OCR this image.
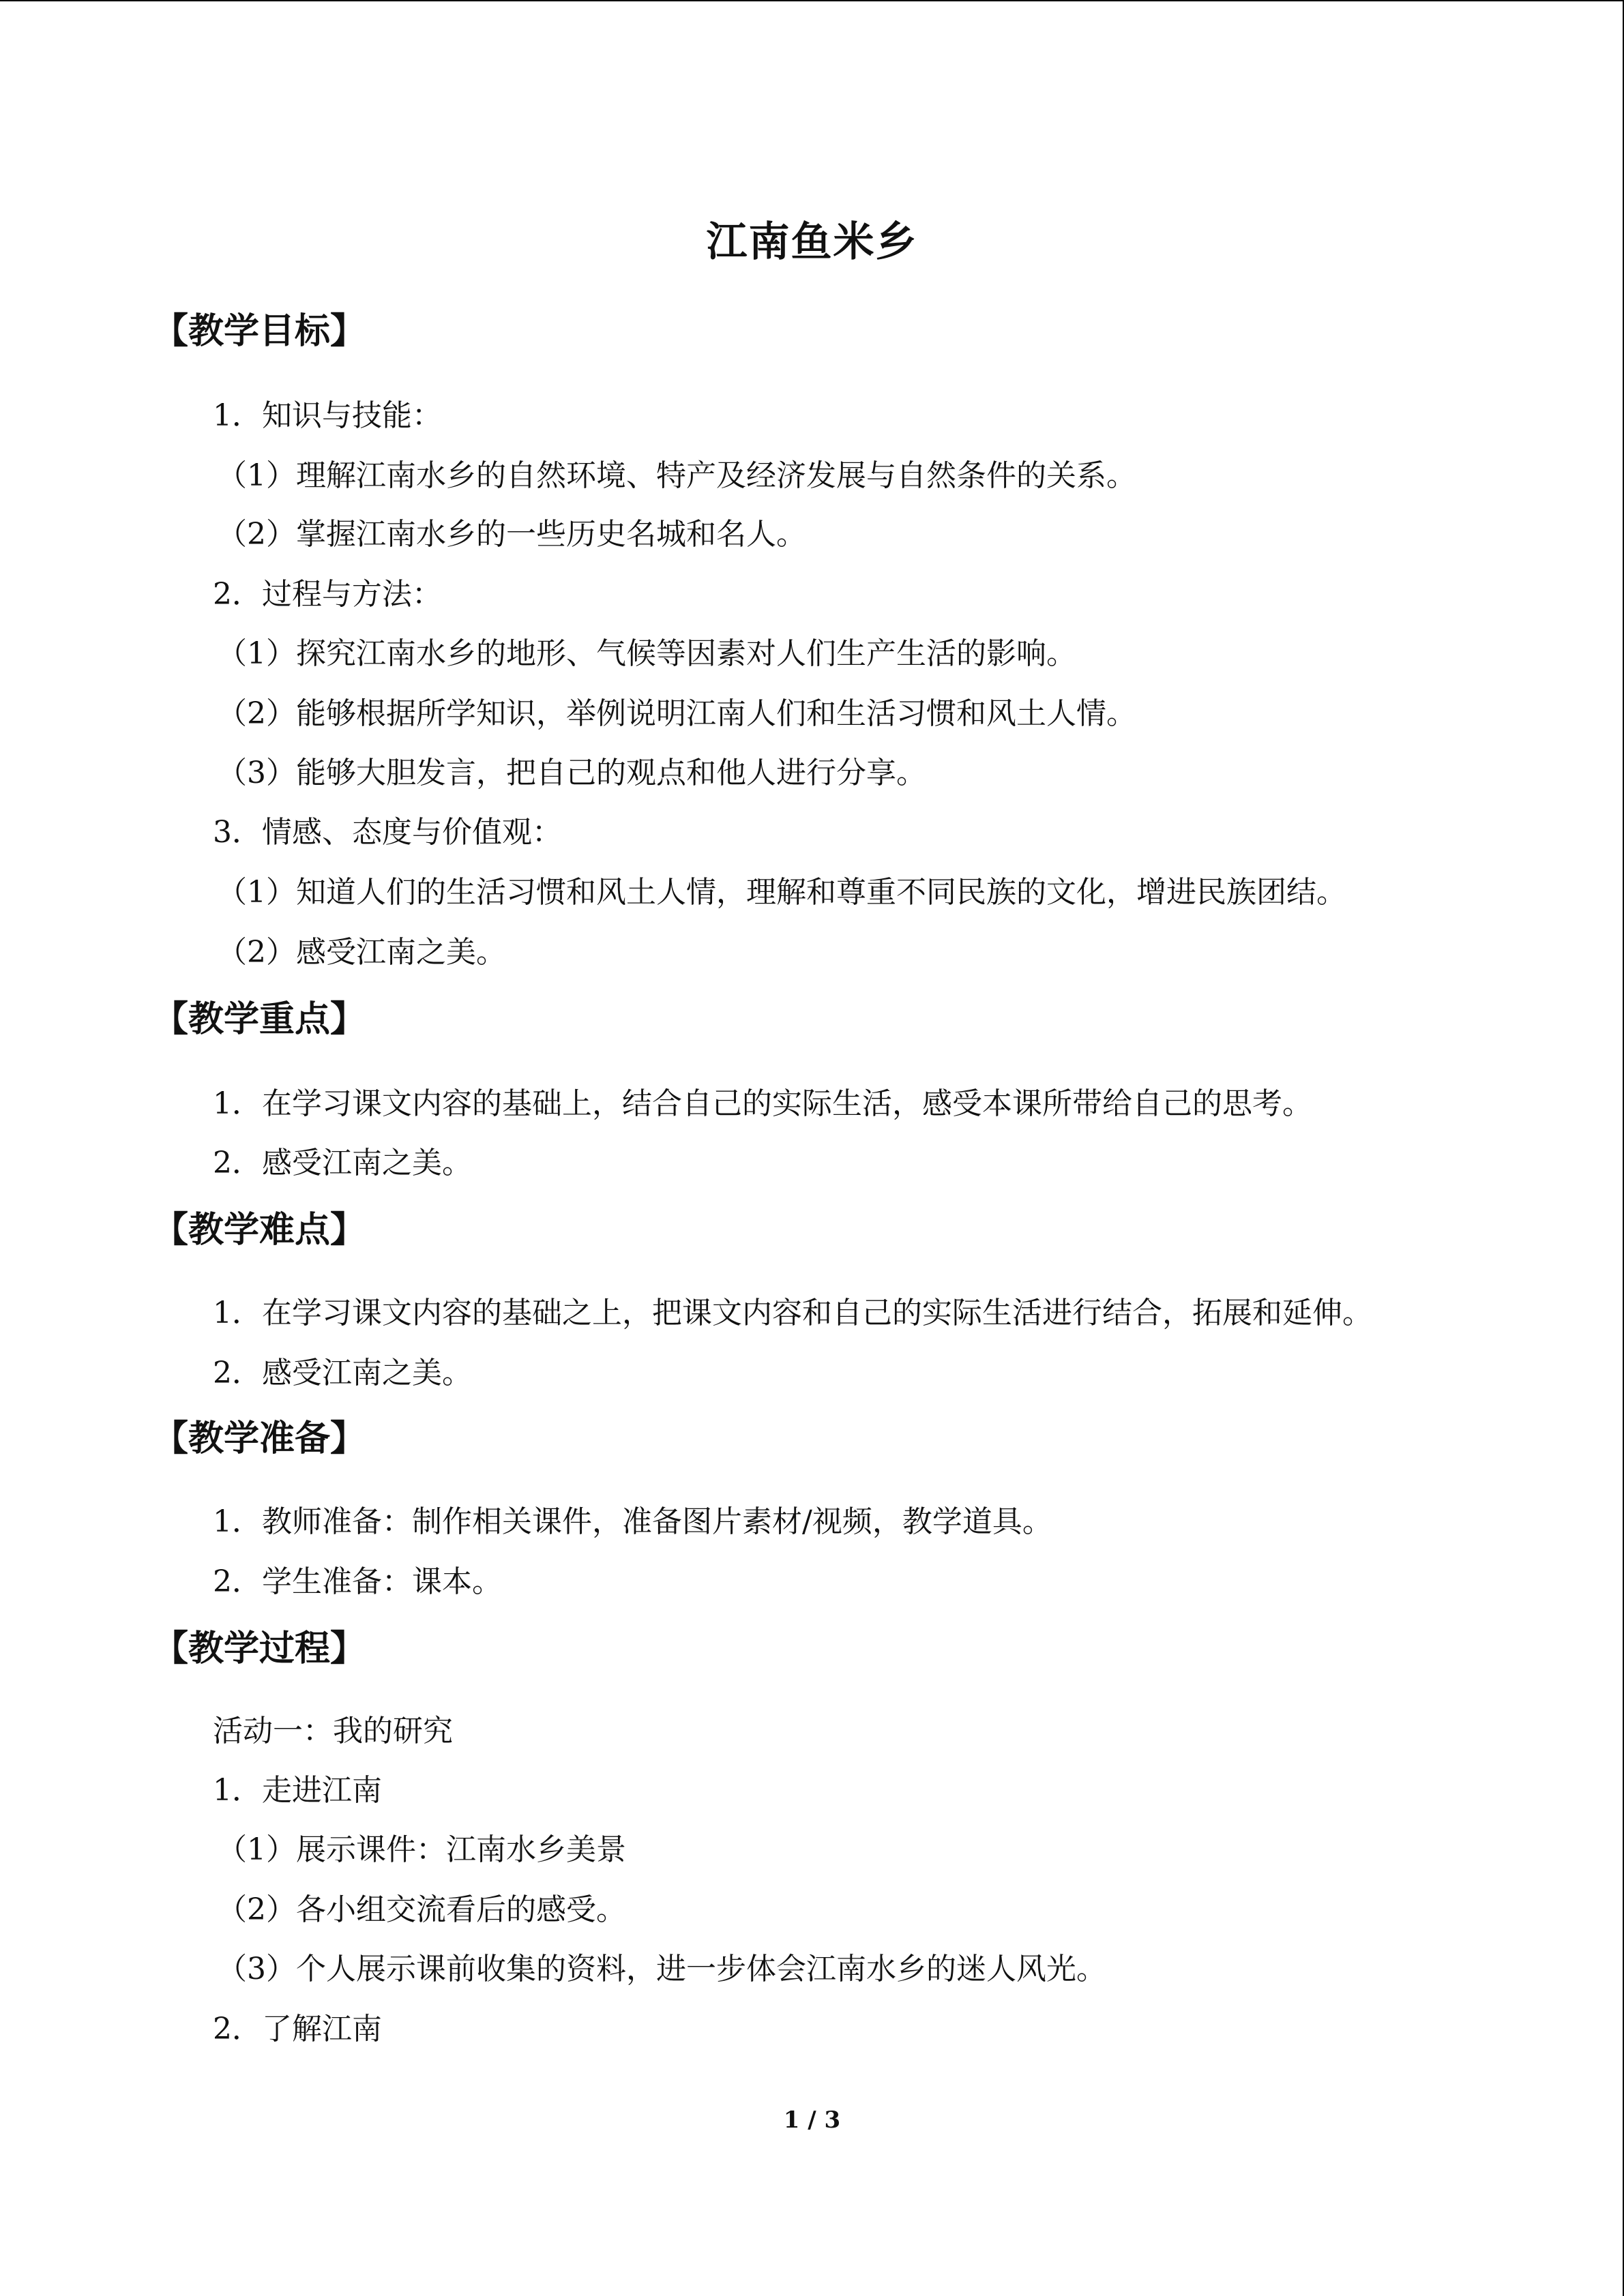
江南鱼米乡
【教学目标】
1．知识与技能：
（1）理解江南水乡的自然环境、特产及经济发展与自然条件的关系。
（2）掌握江南水乡的一些历史名城和名人。
2．过程与方法：
（1）探究江南水乡的地形、气候等因素对人们生产生活的影响。
（2）能够根据所学知识，举例说明江南人们和生活习惯和风土人情。
（3）能够大胆发言，把自己的观点和他人进行分享。
3．情感、态度与价值观：
（1）知道人们的生活习惯和风土人情，理解和尊重不同民族的文化，增进民族团结。
（2）感受江南之美。
【教学重点】
1．在学习课文内容的基础上，结合自己的实际生活，感受本课所带给自己的思考。
2．感受江南之美。
【教学难点】
1．在学习课文内容的基础之上，把课文内容和自己的实际生活进行结合，拓展和延伸。
2．感受江南之美。
【教学准备】
1．教师准备：制作相关课件，准备图片素材/视频，教学道具。
2．学生准备：课本。
【教学过程】
活动一：我的研究
1．走进江南
（1）展示课件：江南水乡美景
（2）各小组交流看后的感受。
（3）个人展示课前收集的资料，进一步体会江南水乡的迷人风光。
2．了解江南
1 / 3
